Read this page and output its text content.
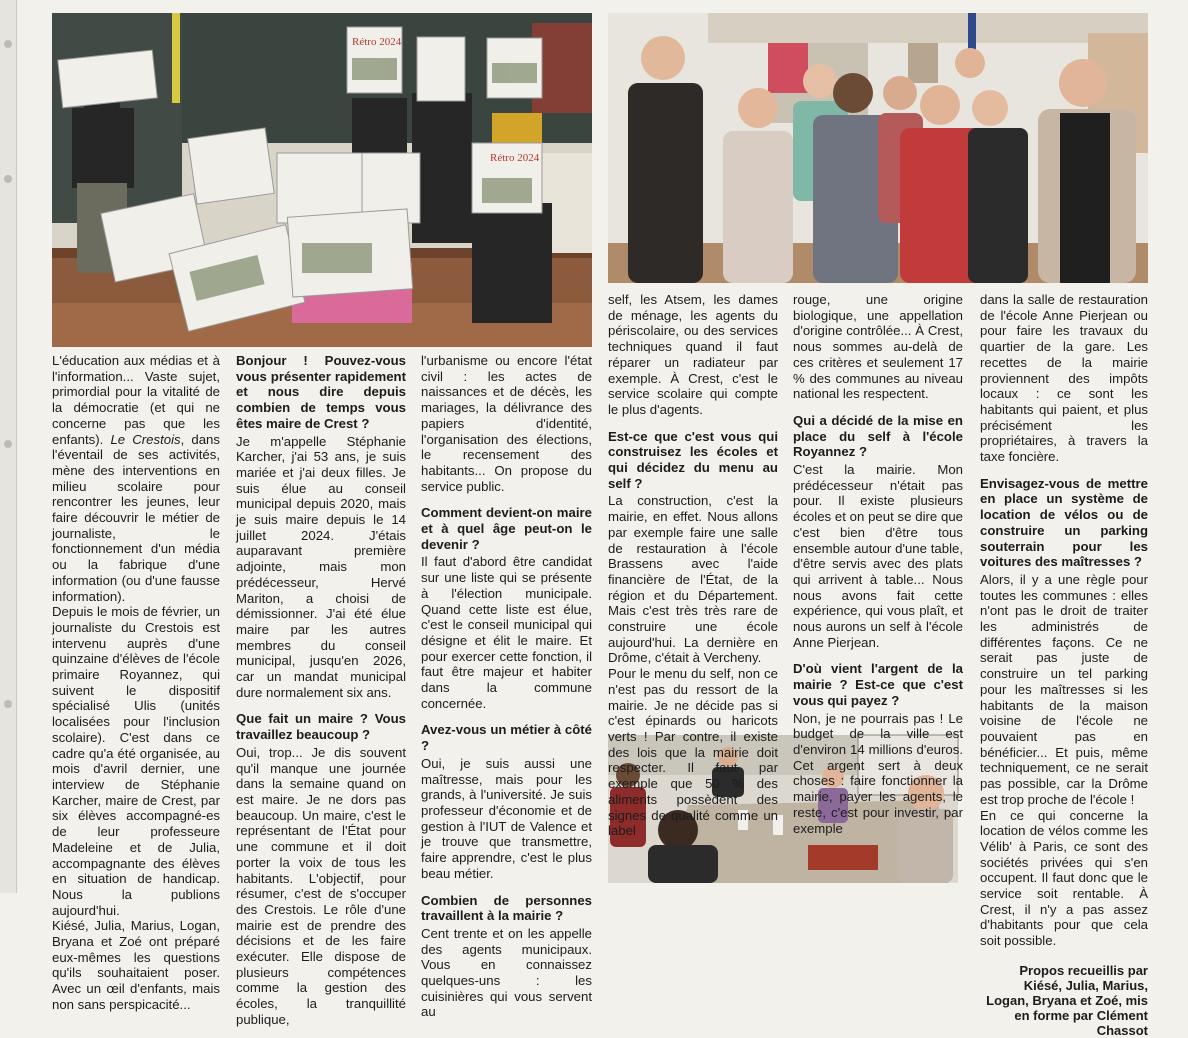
Rétro 2024
Rétro 2024

L'éducation aux médias et à l'information... Vaste sujet, primordial pour la vitalité de la démocratie (et qui ne concerne pas que les enfants). Le Crestois, dans l'éventail de ses activités, mène des interventions en milieu scolaire pour rencontrer les jeunes, leur faire découvrir le métier de journaliste, le fonctionnement d'un média ou la fabrique d'une information (ou d'une fausse information).

Depuis le mois de février, un journaliste du Crestois est intervenu auprès d'une quinzaine d'élèves de l'école primaire Royannez, qui suivent le dispositif spécialisé Ulis (unités localisées pour l'inclusion scolaire). C'est dans ce cadre qu'a été organisée, au mois d'avril dernier, une interview de Stéphanie Karcher, maire de Crest, par six élèves accompagné-es de leur professeure Madeleine et de Julia, accompagnante des élèves en situation de handicap. Nous la publions aujourd'hui.

Kiésé, Julia, Marius, Logan, Bryana et Zoé ont préparé eux-mêmes les questions qu'ils souhaitaient poser. Avec un œil d'enfants, mais non sans perspicacité...

Bonjour ! Pouvez-vous vous présenter rapidement et nous dire depuis combien de temps vous êtes maire de Crest ?

Je m'appelle Stéphanie Karcher, j'ai 53 ans, je suis mariée et j'ai deux filles. Je suis élue au conseil municipal depuis 2020, mais je suis maire depuis le 14 juillet 2024. J'étais auparavant première adjointe, mais mon prédécesseur, Hervé Mariton, a choisi de démissionner. J'ai été élue maire par les autres membres du conseil municipal, jusqu'en 2026, car un mandat municipal dure normalement six ans.

Que fait un maire ? Vous travaillez beaucoup ?

Oui, trop... Je dis souvent qu'il manque une journée dans la semaine quand on est maire. Je ne dors pas beaucoup. Un maire, c'est le représentant de l'État pour une commune et il doit porter la voix de tous les habitants. L'objectif, pour résumer, c'est de s'occuper des Crestois. Le rôle d'une mairie est de prendre des décisions et de les faire exécuter. Elle dispose de plusieurs compétences comme la gestion des écoles, la tranquillité publique,

l'urbanisme ou encore l'état civil : les actes de naissances et de décès, les mariages, la délivrance des papiers d'identité, l'organisation des élections, le recensement des habitants... On propose du service public.

Comment devient-on maire et à quel âge peut-on le devenir ?

Il faut d'abord être candidat sur une liste qui se présente à l'élection municipale. Quand cette liste est élue, c'est le conseil municipal qui désigne et élit le maire. Et pour exercer cette fonction, il faut être majeur et habiter dans la commune concernée.

Avez-vous un métier à côté ?

Oui, je suis aussi une maîtresse, mais pour les grands, à l'université. Je suis professeur d'économie et de gestion à l'IUT de Valence et je trouve que transmettre, faire apprendre, c'est le plus beau métier.

Combien de personnes travaillent à la mairie ?

Cent trente et on les appelle des agents municipaux. Vous en connaissez quelques-uns : les cuisinières qui vous servent au

self, les Atsem, les dames de ménage, les agents du périscolaire, ou des services techniques quand il faut réparer un radiateur par exemple. À Crest, c'est le service scolaire qui compte le plus d'agents.

Est-ce que c'est vous qui construisez les écoles et qui décidez du menu au self ?

La construction, c'est la mairie, en effet. Nous allons par exemple faire une salle de restauration à l'école Brassens avec l'aide financière de l'État, de la région et du Département. Mais c'est très très rare de construire une école aujourd'hui. La dernière en Drôme, c'était à Vercheny.

Pour le menu du self, non ce n'est pas du ressort de la mairie. Je ne décide pas si c'est épinards ou haricots verts ! Par contre, il existe des lois que la mairie doit respecter. Il faut par exemple que 50 % des aliments possèdent des signes de qualité comme un label

rouge, une origine biologique, une appellation d'origine contrôlée... À Crest, nous sommes au-delà de ces critères et seulement 17 % des communes au niveau national les respectent.

Qui a décidé de la mise en place du self à l'école Royannez ?

C'est la mairie. Mon prédécesseur n'était pas pour. Il existe plusieurs écoles et on peut se dire que c'est bien d'être tous ensemble autour d'une table, d'être servis avec des plats qui arrivent à table... Nous nous avons fait cette expérience, qui vous plaît, et nous aurons un self à l'école Anne Pierjean.

D'où vient l'argent de la mairie ? Est-ce que c'est vous qui payez ?

Non, je ne pourrais pas ! Le budget de la ville est d'environ 14 millions d'euros. Cet argent sert à deux choses : faire fonctionner la mairie, payer les agents, le reste, c'est pour investir, par exemple

dans la salle de restauration de l'école Anne Pierjean ou pour faire les travaux du quartier de la gare. Les recettes de la mairie proviennent des impôts locaux : ce sont les habitants qui paient, et plus précisément les propriétaires, à travers la taxe foncière.

Envisagez-vous de mettre en place un système de location de vélos ou de construire un parking souterrain pour les voitures des maîtresses ?

Alors, il y a une règle pour toutes les communes : elles n'ont pas le droit de traiter les administrés de différentes façons. Ce ne serait pas juste de construire un tel parking pour les maîtresses si les habitants de la maison voisine de l'école ne pouvaient pas en bénéficier... Et puis, même techniquement, ce ne serait pas possible, car la Drôme est trop proche de l'école !

En ce qui concerne la location de vélos comme les Vélib' à Paris, ce sont des sociétés privées qui s'en occupent. Il faut donc que le service soit rentable. À Crest, il n'y a pas assez d'habitants pour que cela soit possible.

Propos recueillis par Kiésé, Julia, Marius, Logan, Bryana et Zoé, mis en forme par Clément Chassot
